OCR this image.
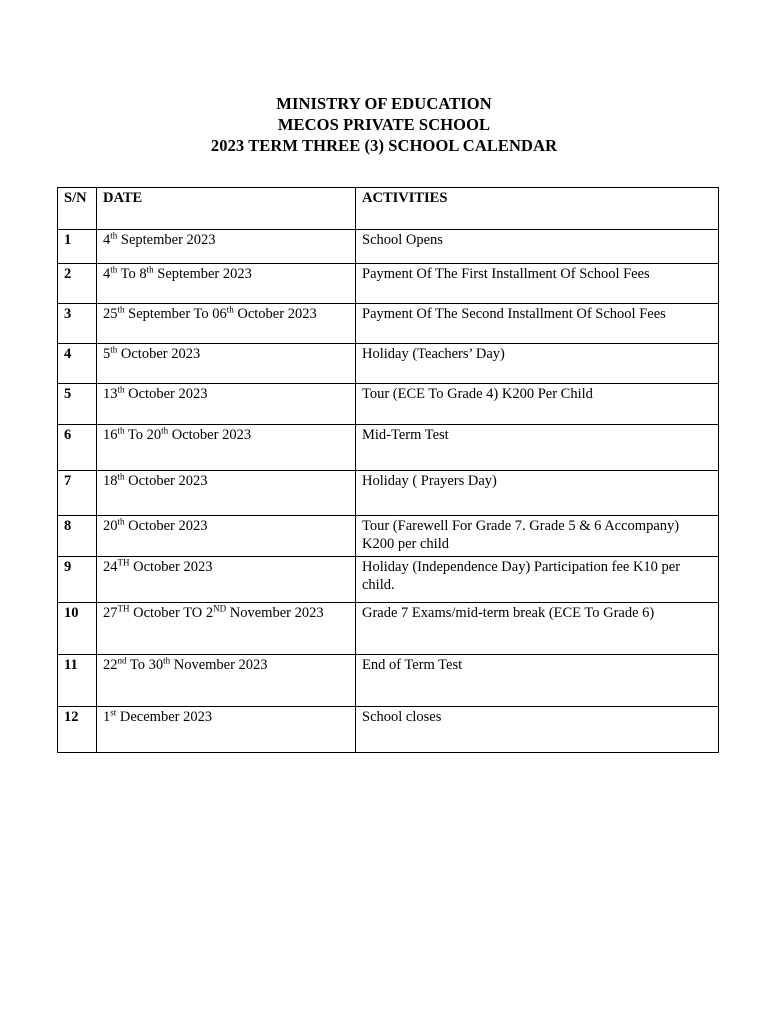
MINISTRY OF EDUCATION
MECOS PRIVATE SCHOOL
2023 TERM THREE (3) SCHOOL CALENDAR
S/N	DATE	ACTIVITIES

1	4th September 2023	School Opens

2	4th To 8th September 2023	Payment Of The First Installment Of School Fees

3	25th September To 06th October 2023	Payment Of The Second Installment Of School Fees

4	5th October 2023	Holiday (Teachers’ Day)

5	13th October 2023	Tour (ECE To Grade 4) K200 Per Child

6	16th To 20th October 2023	Mid-Term Test

7	18th October 2023	Holiday ( Prayers Day)

8	20th October 2023	Tour (Farewell For Grade 7. Grade 5 & 6 Accompany) K200 per child

9	24TH October 2023	Holiday (Independence Day) Participation fee K10 per child.

10	27TH October TO 2ND November 2023	Grade 7 Exams/mid-term break (ECE To Grade 6)

11	22nd To 30th November 2023	End of Term Test

12	1st December 2023	School closes
